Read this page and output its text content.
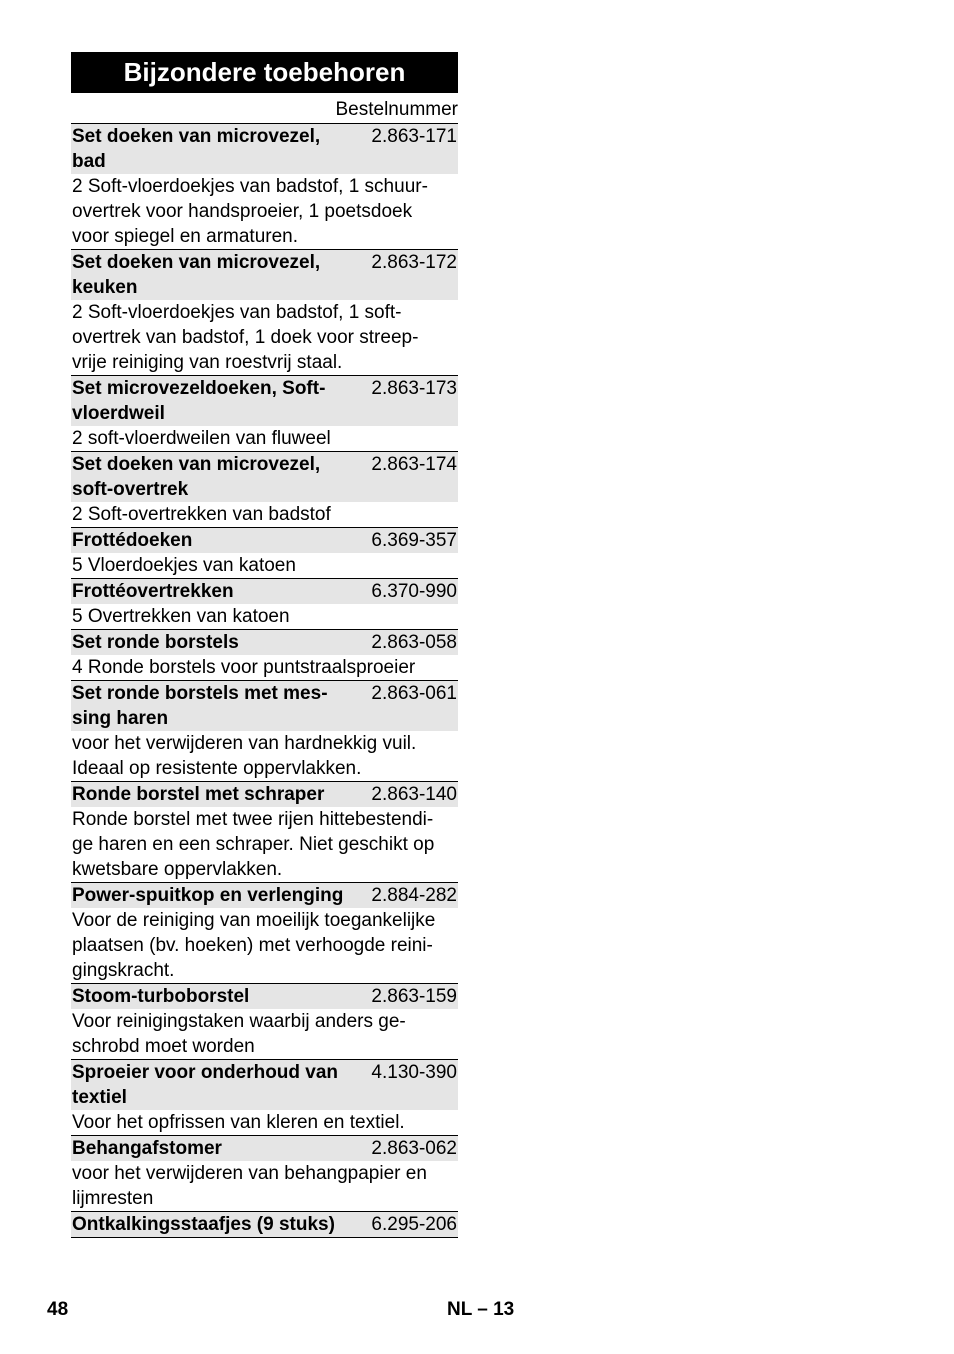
Bijzondere toebehoren
Bestelnummer
Set doeken van microvezel,
bad
2.863-171
2 Soft-vloerdoekjes van badstof, 1 schuur-
overtrek voor handsproeier, 1 poetsdoek
voor spiegel en armaturen.
Set doeken van microvezel,
keuken
2.863-172
2 Soft-vloerdoekjes van badstof, 1 soft-
overtrek van badstof, 1 doek voor streep-
vrije reiniging van roestvrij staal.
Set microvezeldoeken, Soft-
vloerdweil
2.863-173
2 soft-vloerdweilen van fluweel
Set doeken van microvezel,
soft-overtrek
2.863-174
2 Soft-overtrekken van badstof
Frottédoeken	6.369-357
5 Vloerdoekjes van katoen
Frottéovertrekken	6.370-990
5 Overtrekken van katoen
Set ronde borstels	2.863-058
4 Ronde borstels voor puntstraalsproeier
Set ronde borstels met mes-
sing haren
2.863-061
voor het verwijderen van hardnekkig vuil.
Ideaal op resistente oppervlakken.
Ronde borstel met schraper 2.863-140
Ronde borstel met twee rijen hittebestendi-
ge haren en een schraper. Niet geschikt op
kwetsbare oppervlakken.
Power-spuitkop en verlenging 2.884-282
Voor de reiniging van moeilijk toegankelijke
plaatsen (bv. hoeken) met verhoogde reini-
gingskracht.
Stoom-turboborstel	2.863-159
Voor reinigingstaken waarbij anders ge-
schrobd moet worden
Sproeier voor onderhoud van
textiel
4.130-390
Voor het opfrissen van kleren en textiel.
Behangafstomer	2.863-062
voor het verwijderen van behangpapier en
lijmresten
Ontkalkingsstaafjes (9 stuks) 6.295-206
48	NL – 13
